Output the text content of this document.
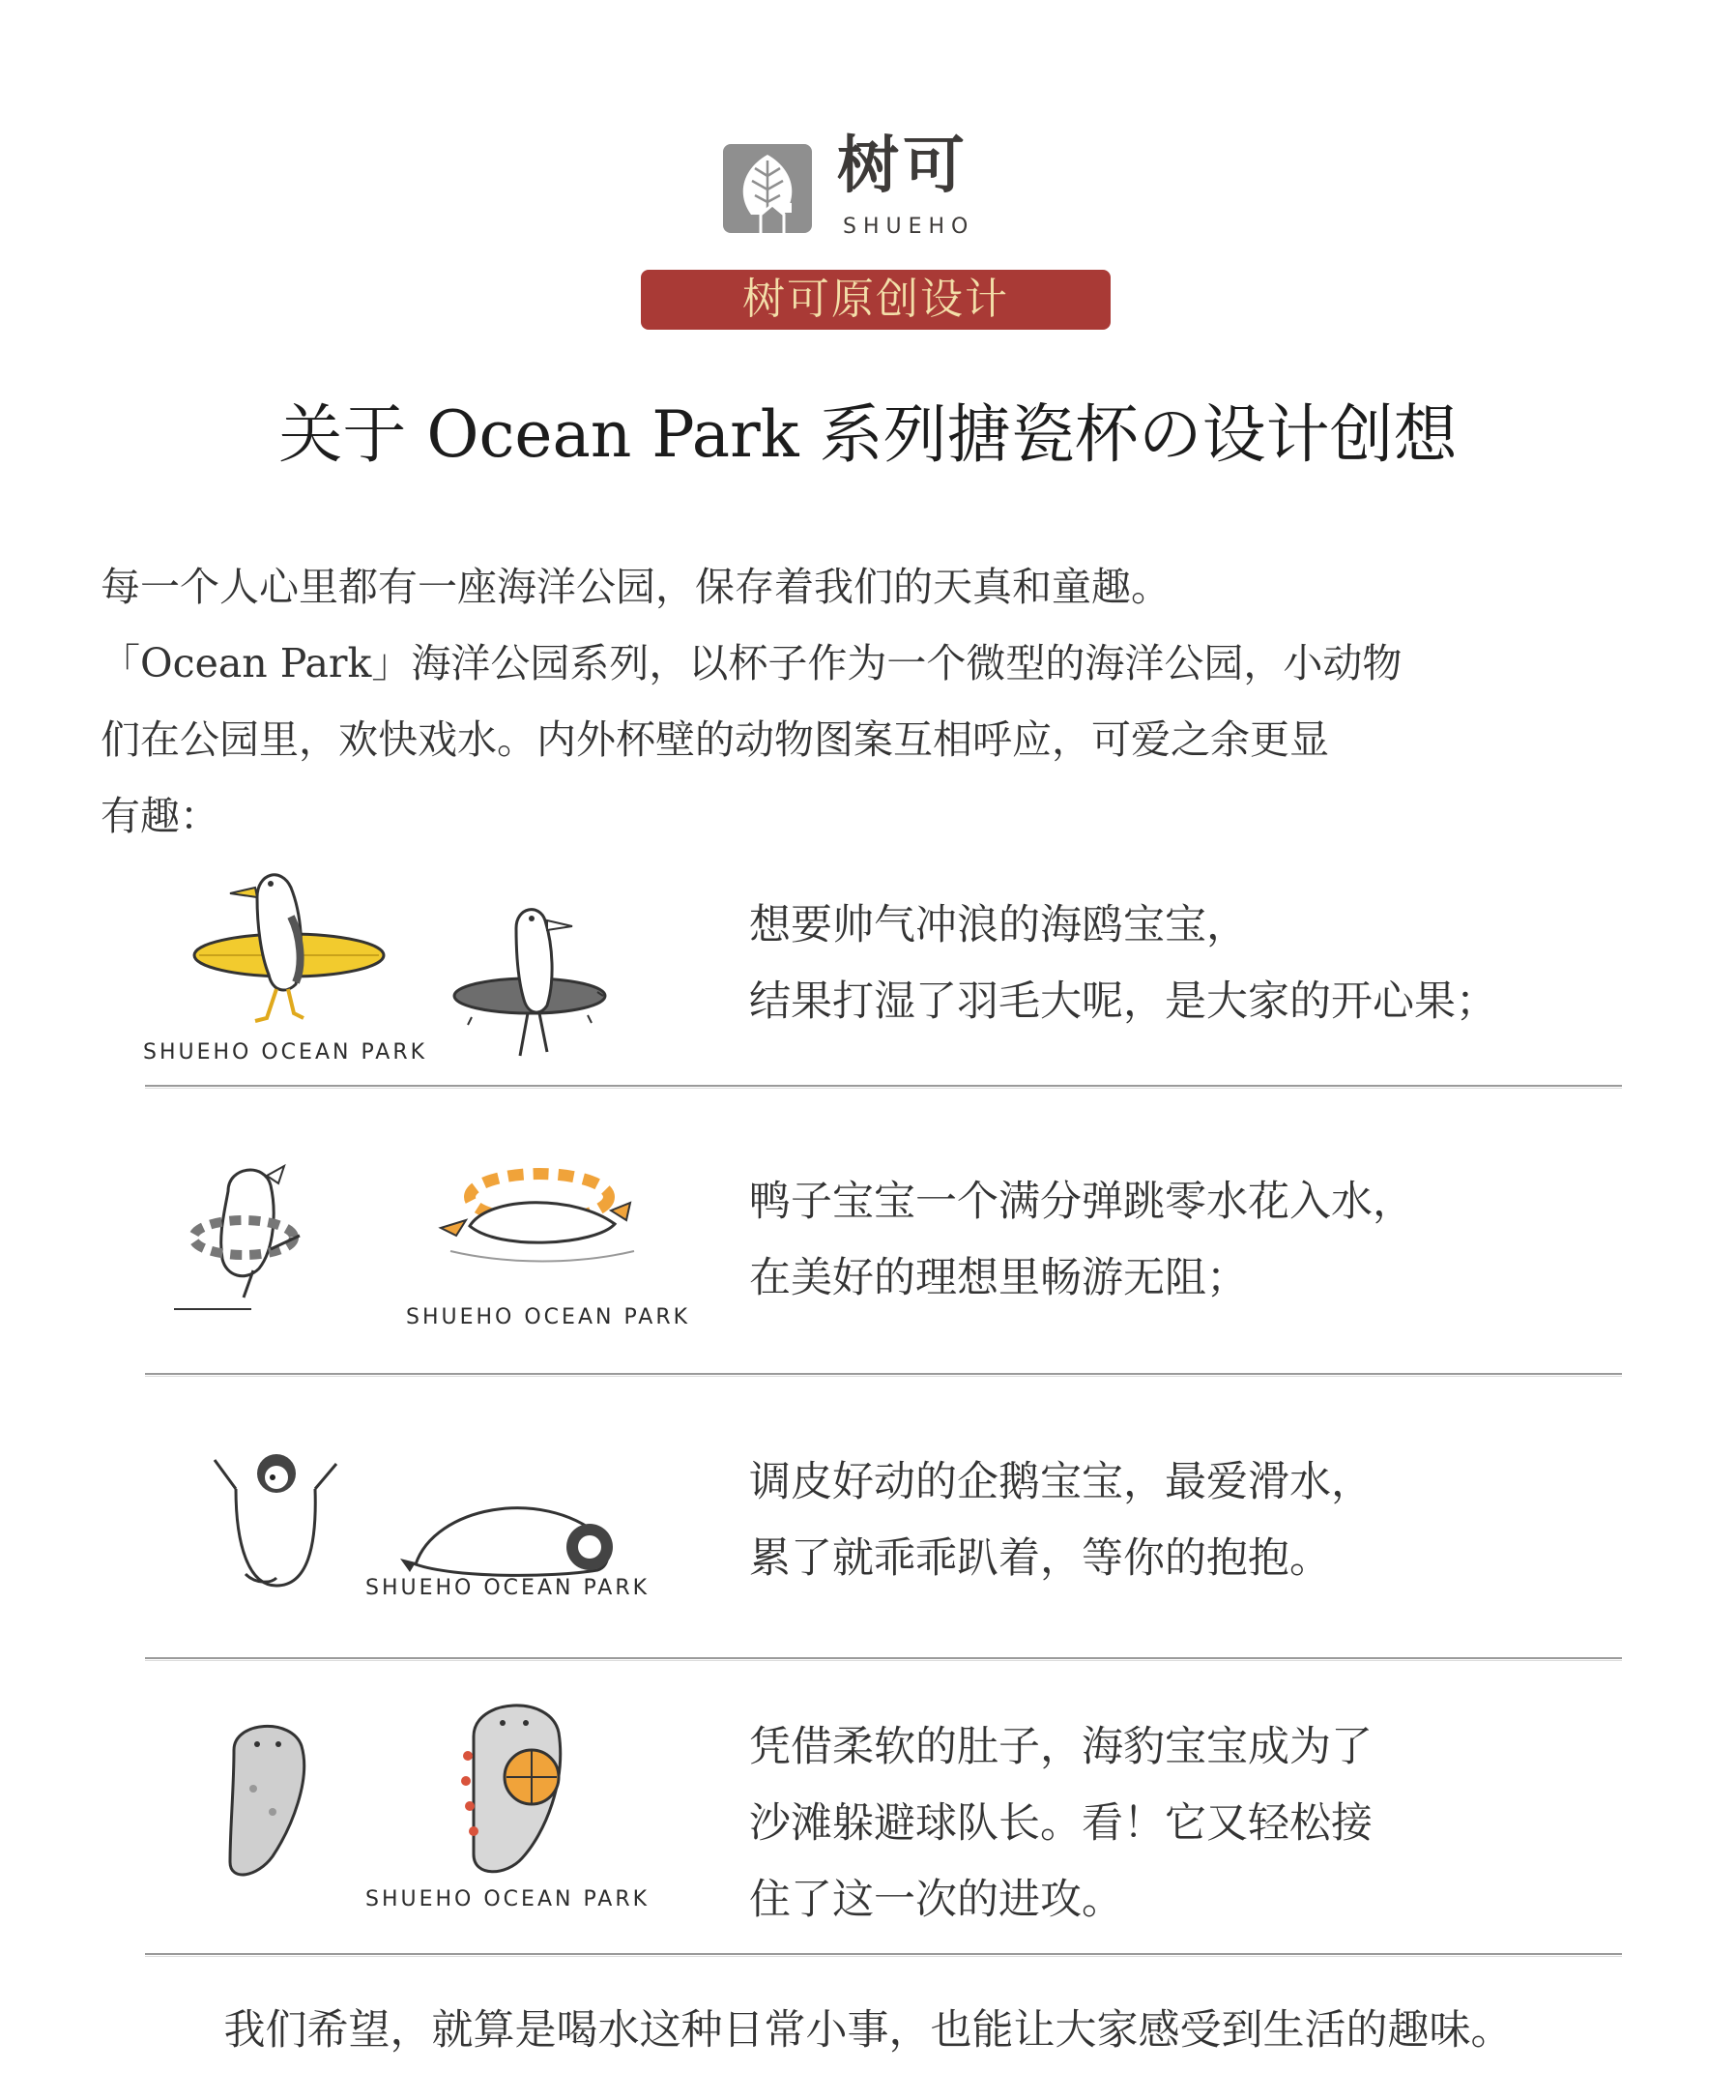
树可
SHUEHO
树可原创设计
关于 Ocean Park 系列搪瓷杯の设计创想

每一个人心里都有一座海洋公园，保存着我们的天真和童趣。

「Ocean Park」海洋公园系列，以杯子作为一个微型的海洋公园，小动物

们在公园里，欢快戏水。内外杯壁的动物图案互相呼应，可爱之余更显

有趣：

SHUEHO OCEAN PARK

想要帅气冲浪的海鸥宝宝，

结果打湿了羽毛大呢，是大家的开心果；

SHUEHO OCEAN PARK

鸭子宝宝一个满分弹跳零水花入水，

在美好的理想里畅游无阻；

SHUEHO OCEAN PARK

调皮好动的企鹅宝宝，最爱滑水，

累了就乖乖趴着，等你的抱抱。

SHUEHO OCEAN PARK

凭借柔软的肚子，海豹宝宝成为了

沙滩躲避球队长。看！它又轻松接

住了这一次的进攻。

我们希望，就算是喝水这种日常小事，也能让大家感受到生活的趣味。
